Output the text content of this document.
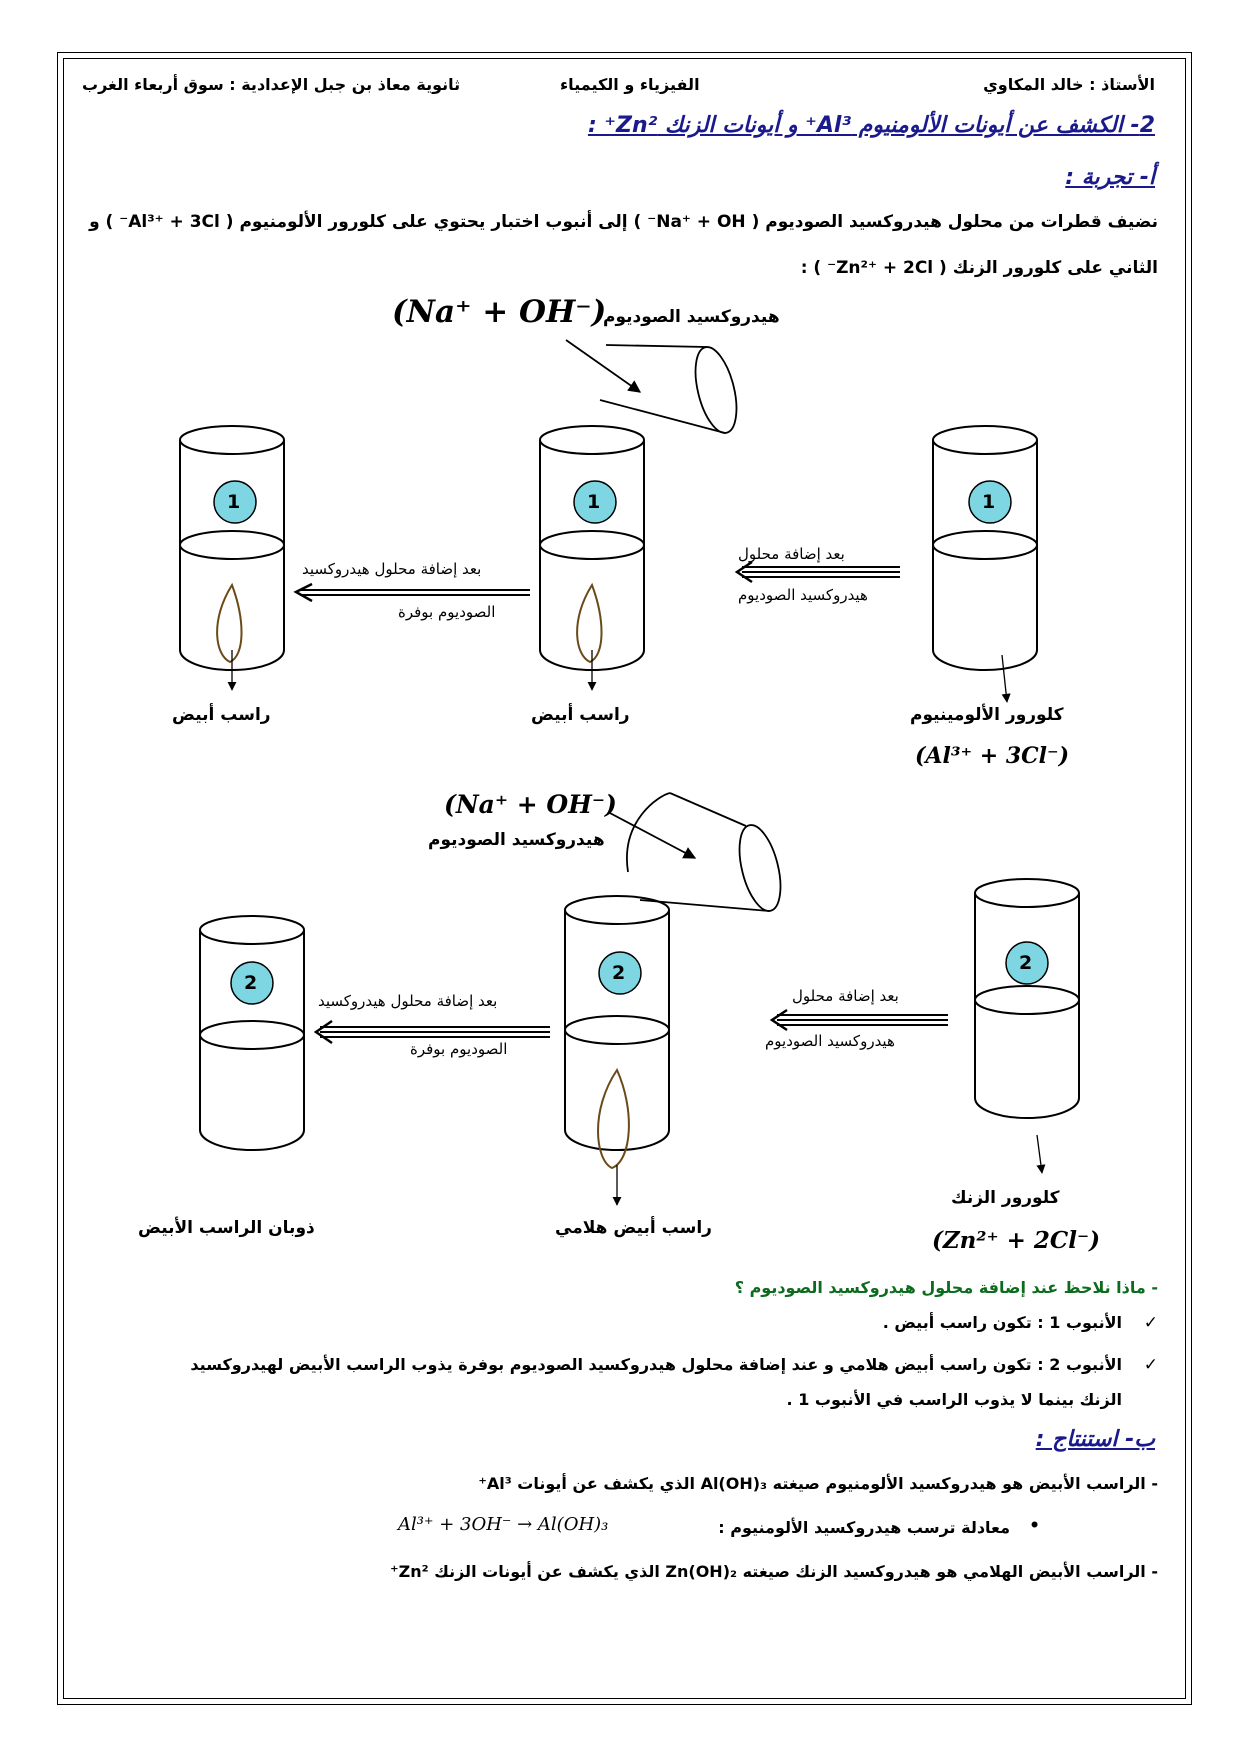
الأستاذ : خالد المكاوي
الفيزياء و الكيمياء
ثانوية معاذ بن جبل الإعدادية : سوق أربعاء الغرب
2- الكشف عن أيونات الألومنيوم Al³⁺ و أيونات الزنك Zn²⁺ :
أ- تجربة :
نضيف قطرات من محلول هيدروكسيد الصوديوم ( Na⁺ + OH⁻ ) إلى أنبوب اختبار يحتوي على كلورور الألومنيوم ( Al³⁺ + 3Cl⁻ ) و
الثاني على كلورور الزنك ( Zn²⁺ + 2Cl⁻ ) :
1	1	1
2	2	2
هيدروكسيد الصوديوم
(Na⁺ + OH⁻)
بعد إضافة محلول
هيدروكسيد الصوديوم
بعد إضافة محلول هيدروكسيد
الصوديوم بوفرة
راسب أبيض	راسب أبيض	كلورور الألومينيوم
(Al³⁺ + 3Cl⁻)
(Na⁺ + OH⁻)
هيدروكسيد الصوديوم
بعد إضافة محلول
هيدروكسيد الصوديوم
بعد إضافة محلول هيدروكسيد
الصوديوم بوفرة
ذوبان الراسب الأبيض	راسب أبيض هلامي
كلورور الزنك
(Zn²⁺ + 2Cl⁻)
- ماذا نلاحظ عند إضافة محلول هيدروكسيد الصوديوم ؟
✓
الأنبوب 1 : تكون راسب أبيض .
✓
الأنبوب 2 : تكون راسب أبيض هلامي و عند إضافة محلول هيدروكسيد الصوديوم بوفرة يذوب الراسب الأبيض لهيدروكسيد
الزنك بينما لا يذوب الراسب في الأنبوب 1 .
ب- استنتاج :
- الراسب الأبيض هو هيدروكسيد الألومنيوم صيغته Al(OH)₃ الذي يكشف عن أيونات Al³⁺
•
معادلة ترسب هيدروكسيد الألومنيوم :
Al³⁺ + 3OH⁻ → Al(OH)₃
- الراسب الأبيض الهلامي هو هيدروكسيد الزنك صيغته Zn(OH)₂ الذي يكشف عن أيونات الزنك Zn²⁺
